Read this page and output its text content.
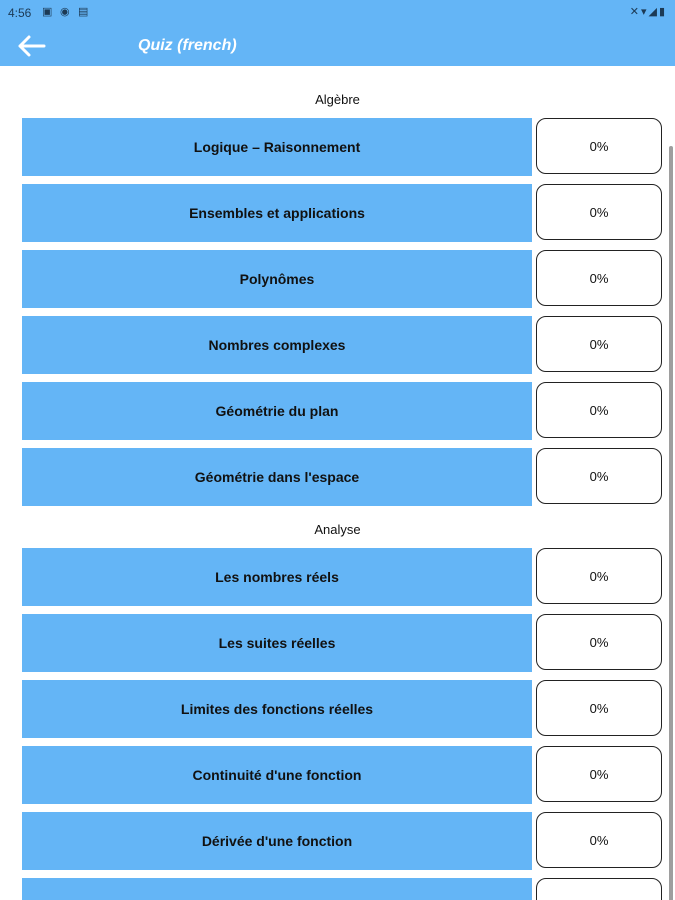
4:56 ▣ ◉ ▤	✕▾◢▮
Quiz (french)
Algèbre
Logique – Raisonnement	0%
Ensembles et applications	0%
Polynômes	0%
Nombres complexes	0%
Géométrie du plan	0%
Géométrie dans l'espace	0%
Analyse
Les nombres réels	0%
Les suites réelles	0%
Limites des fonctions réelles	0%
Continuité d'une fonction	0%
Dérivée d'une fonction	0%
